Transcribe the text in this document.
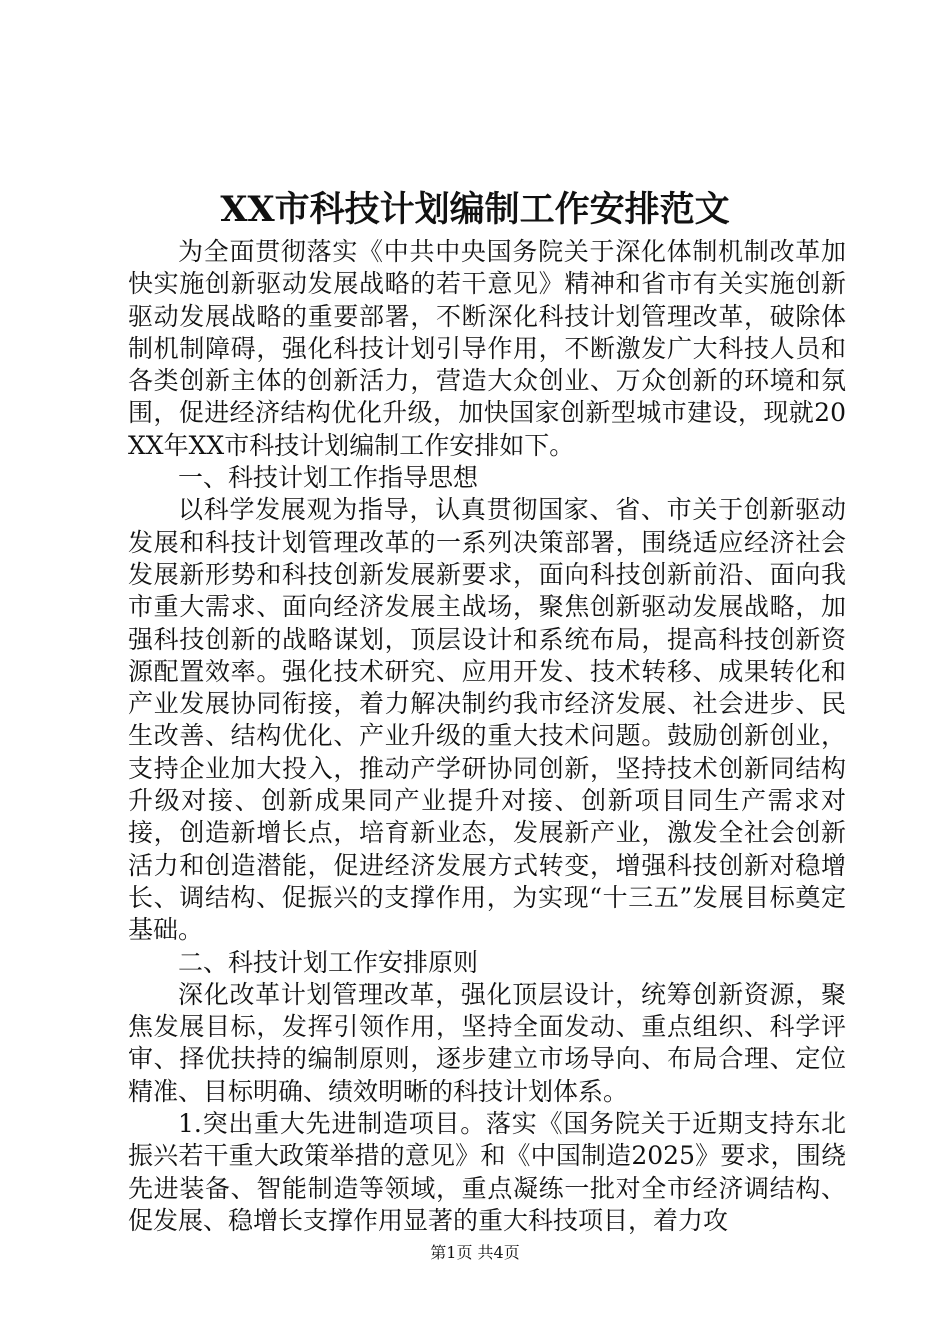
XX市科技计划编制工作安排范文

为全面贯彻落实《中共中央国务院关于深化体制机制改革加快实施创新驱动发展战略的若干意见》精神和省市有关实施创新驱动发展战略的重要部署，不断深化科技计划管理改革，破除体制机制障碍，强化科技计划引导作用，不断激发广大科技人员和各类创新主体的创新活力，营造大众创业、万众创新的环境和氛围，促进经济结构优化升级，加快国家创新型城市建设，现就20XX年XX市科技计划编制工作安排如下。

一、科技计划工作指导思想

以科学发展观为指导，认真贯彻国家、省、市关于创新驱动发展和科技计划管理改革的一系列决策部署，围绕适应经济社会发展新形势和科技创新发展新要求，面向科技创新前沿、面向我市重大需求、面向经济发展主战场，聚焦创新驱动发展战略，加强科技创新的战略谋划，顶层设计和系统布局，提高科技创新资源配置效率。强化技术研究、应用开发、技术转移、成果转化和产业发展协同衔接，着力解决制约我市经济发展、社会进步、民生改善、结构优化、产业升级的重大技术问题。鼓励创新创业，支持企业加大投入，推动产学研协同创新，坚持技术创新同结构升级对接、创新成果同产业提升对接、创新项目同生产需求对接，创造新增长点，培育新业态，发展新产业，激发全社会创新活力和创造潜能，促进经济发展方式转变，增强科技创新对稳增长、调结构、促振兴的支撑作用，为实现“十三五”发展目标奠定基础。

二、科技计划工作安排原则

深化改革计划管理改革，强化顶层设计，统筹创新资源，聚焦发展目标，发挥引领作用，坚持全面发动、重点组织、科学评审、择优扶持的编制原则，逐步建立市场导向、布局合理、定位精准、目标明确、绩效明晰的科技计划体系。

1.突出重大先进制造项目。落实《国务院关于近期支持东北振兴若干重大政策举措的意见》和《中国制造2025》要求，围绕先进装备、智能制造等领域，重点凝练一批对全市经济调结构、促发展、稳增长支撑作用显著的重大科技项目，着力攻

第1页 共4页
